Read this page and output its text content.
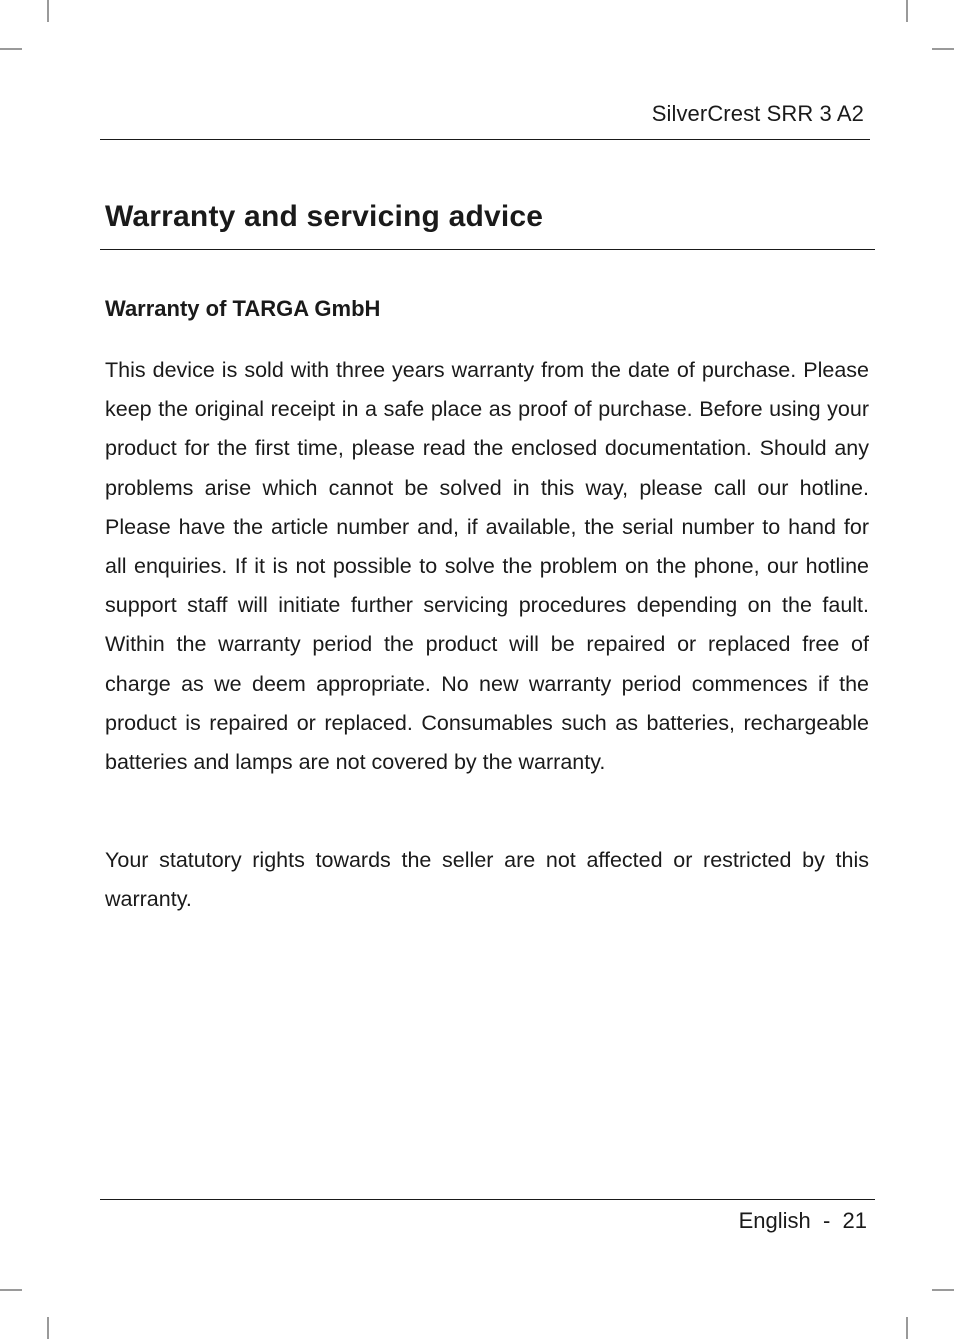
SilverCrest SRR 3 A2
Warranty and servicing advice
Warranty of TARGA GmbH

This device is sold with three years warranty from the date of purchase. Please keep the original receipt in a safe place as proof of purchase. Before using your product for the first time, please read the enclosed documentation. Should any problems arise which cannot be solved in this way, please call our hotline. Please have the article number and, if available, the serial number to hand for all enquiries. If it is not possible to solve the problem on the phone, our hotline support staff will initiate further servicing procedures depending on the fault. Within the warranty period the product will be repaired or replaced free of charge as we deem appropriate. No new warranty period commences if the product is repaired or replaced. Consumables such as batteries, rechargeable batteries and lamps are not covered by the warranty.

Your statutory rights towards the seller are not affected or restricted by this warranty.

English - 21
